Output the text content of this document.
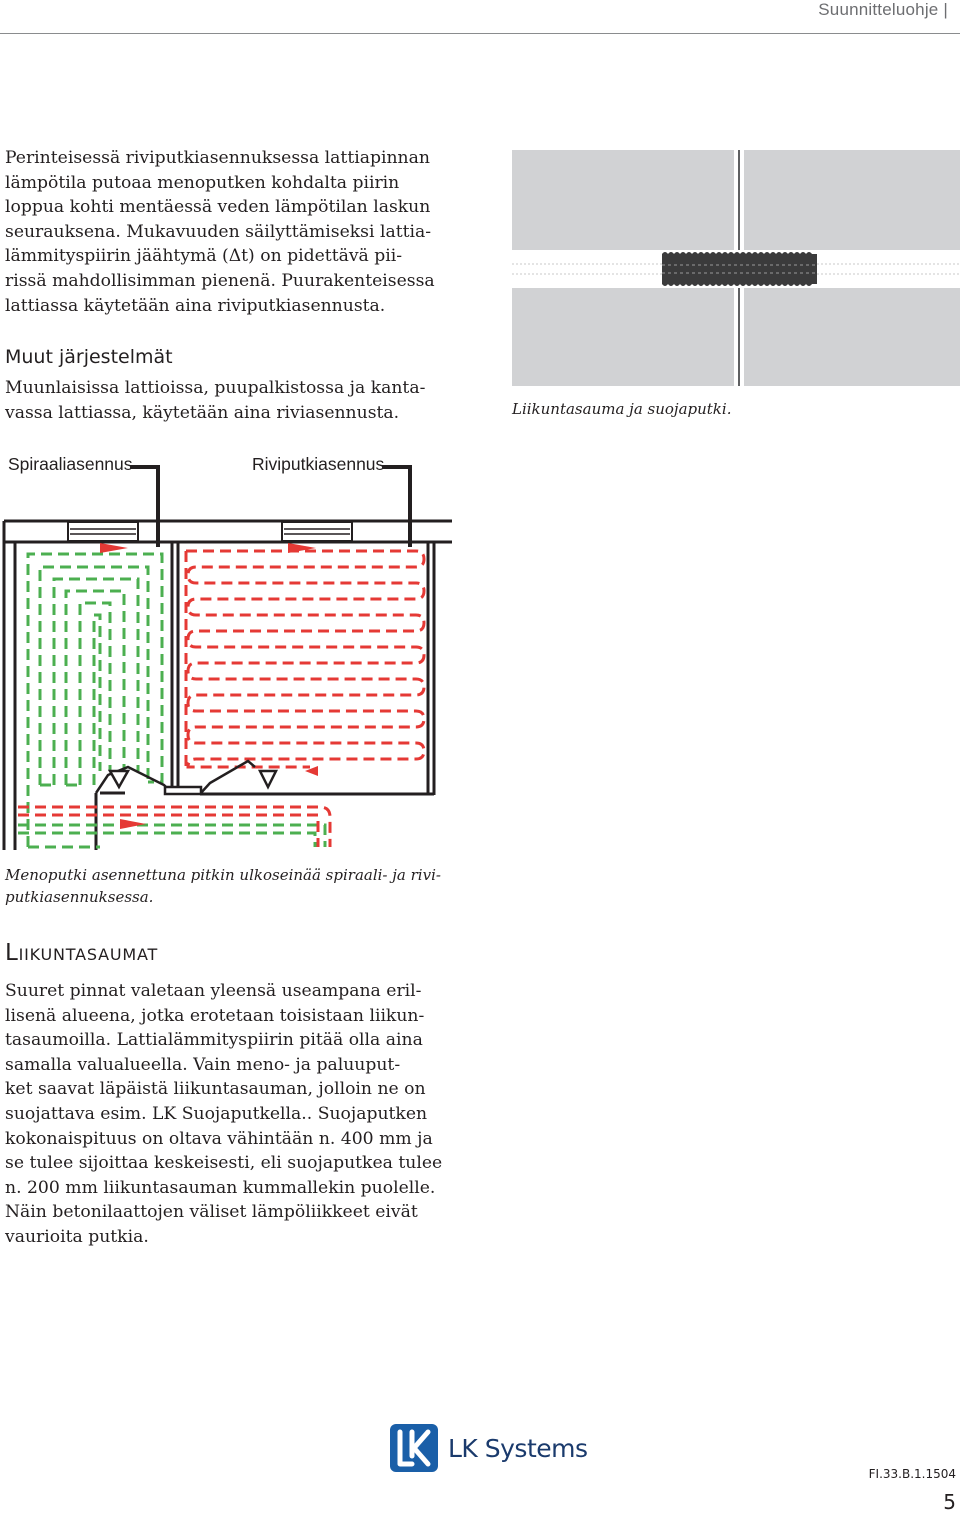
Suunnitteluohje |
Perinteisessä riviputkiasennuksessa lattiapinnan
lämpötila putoaa menoputken kohdalta piirin
loppua kohti mentäessä veden lämpötilan laskun
seurauksena. Mukavuuden säilyttämiseksi lattia-
lämmityspiirin jäähtymä (Δt) on pidettävä pii-
rissä mahdollisimman pienenä. Puurakenteisessa
lattiassa käytetään aina riviputkiasennusta.
Muut järjestelmät
Muunlaisissa lattioissa, puupalkistossa ja kanta-
vassa lattiassa, käytetään aina riviasennusta.	Liikuntasauma ja suojaputki.
Spiraaliasennus	Riviputkiasennus
Menoputki asennettuna pitkin ulkoseinää spiraali- ja rivi-
putkiasennuksessa.
Liikuntasaumat
Suuret pinnat valetaan yleensä useampana eril-
lisenä alueena, jotka erotetaan toisistaan liikun-
tasaumoilla. Lattialämmityspiirin pitää olla aina
samalla valualueella. Vain meno- ja paluuput-
ket saavat läpäistä liikuntasauman, jolloin ne on
suojattava esim. LK Suojaputkella.. Suojaputken
kokonaispituus on oltava vähintään n. 400 mm ja
se tulee sijoittaa keskeisesti, eli suojaputkea tulee
n. 200 mm liikuntasauman kummallekin puolelle.
Näin betonilaattojen väliset lämpöliikkeet eivät
vaurioita putkia.
LK Systems
FI.33.B.1.1504
5
